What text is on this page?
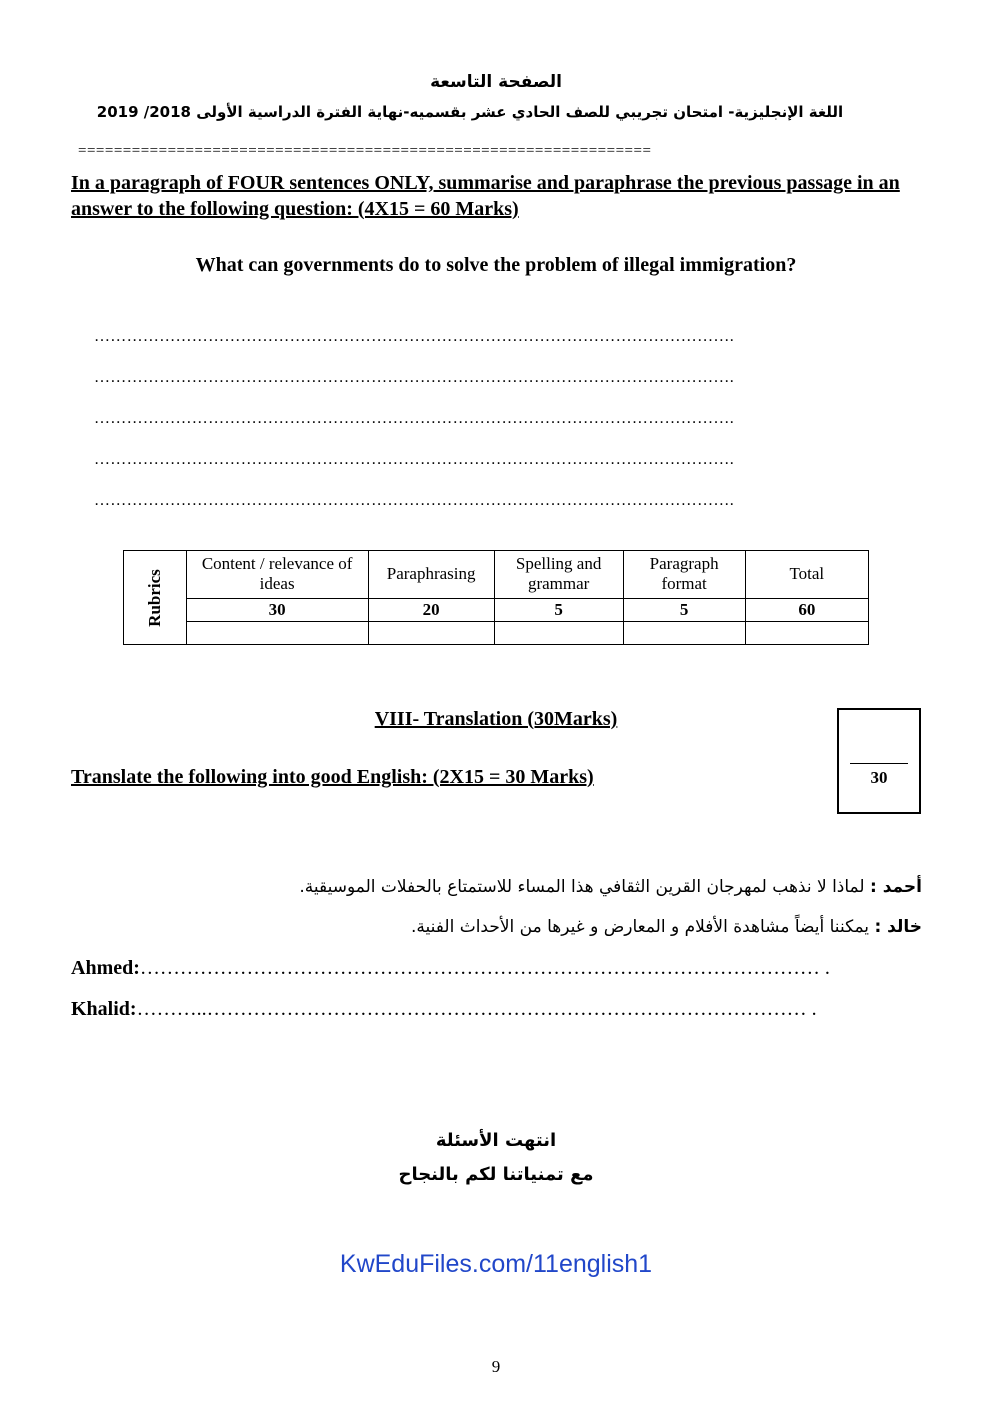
الصفحة التاسعة
اللغة الإنجليزية- امتحان تجريبي للصف الحادي عشر بقسميه-نهاية الفترة الدراسية الأولى 2018/ 2019
================================================================
In a paragraph of FOUR sentences ONLY, summarise and paraphrase the previous passage in an answer to the following question: (4X15 = 60 Marks)
What can governments do to solve the problem of illegal immigration?
……………………………………………………………………………………………………….
……………………………………………………………………………………………………….
……………………………………………………………………………………………………….
……………………………………………………………………………………………………….
……………………………………………………………………………………………………….
Rubrics	Content / relevance of ideas	Paraphrasing	Spelling and grammar	Paragraph format	Total
	30	20	5	5	60

VIII- Translation (30Marks)
Translate the following into good English: (2X15 = 30 Marks)	30
أحمد : لماذا لا نذهب لمهرجان القرين الثقافي هذا المساء للاستمتاع بالحفلات الموسيقية.
خالد : يمكننا أيضاً مشاهدة الأفلام و المعارض و غيرها من الأحداث الفنية.
Ahmed:………………………………………………………………………………………… .
Khalid:………..……………………………………………………………………………… .
انتهت الأسئلة
مع تمنياتنا لكم بالنجاح
KwEduFiles.com/11english1
9
